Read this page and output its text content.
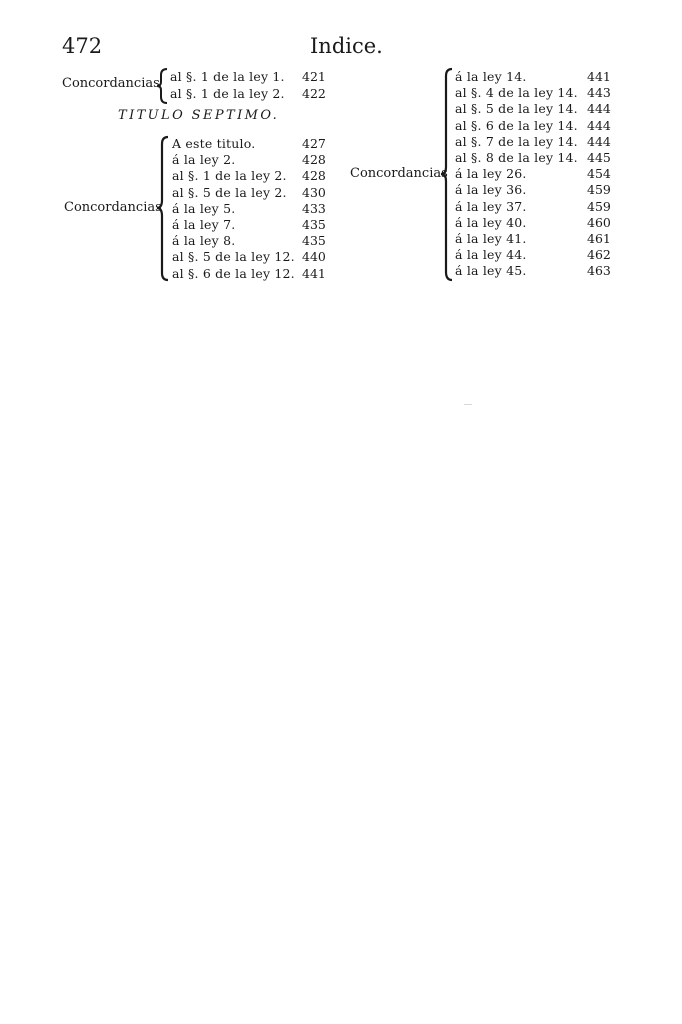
472	Indice.
Concordancias al §. 1 de la ley 1. 421
al §. 1 de la ley 2. 422
TITULO SEPTIMO.
Concordancias
A este titulo.	427
á la ley 2.	428
al §. 1 de la ley 2. 428
al §. 5 de la ley 2. 430
á la ley 5.	433
á la ley 7.	435
á la ley 8.	435
al §. 5 de la ley 12. 440
al §. 6 de la ley 12. 441
Concordancias
á la ley 14.	441
al §. 4 de la ley 14. 443
al §. 5 de la ley 14. 444
al §. 6 de la ley 14. 444
al §. 7 de la ley 14. 444
al §. 8 de la ley 14. 445
á la ley 26.	454
á la ley 36.	459
á la ley 37.	459
á la ley 40.	460
á la ley 41.	461
á la ley 44.	462
á la ley 45.	463
